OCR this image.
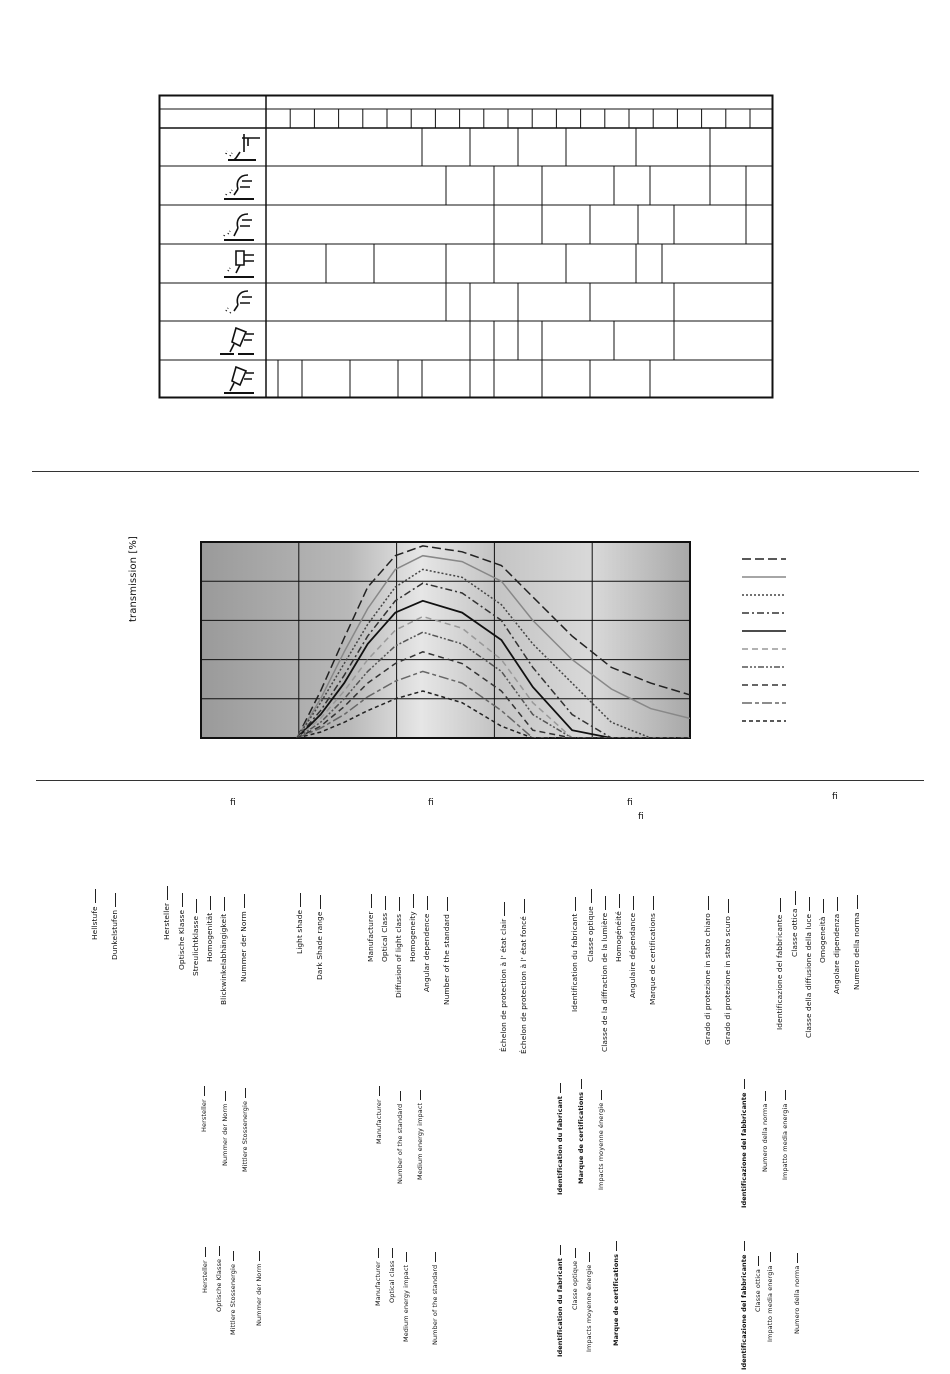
transmission [%]
fi	fi	fi
fi
fi
Hellstufe Dunkelstufen	Hersteller Optische Klasse Streulichtklasse Homogenität Blickwinkelabhängigkeit Nummer der Norm	Light shade Dark Shade range	Manufacturer Optical Class Diffusion of light class Homogeneity Angular dependence Number of the standard	Échelon de protection à l' état clair Échelon de protection à l' état foncé	Identification du fabricant Classe optique Classe de la diffraction de la lumière Homogénéité Angulaire dépendance Marque de certifications	Grado di protezione in stato chiaro Grado di protezione in stato scuro	Identificazione del fabbricante Classe ottica Classe della diffusione della luce Omogeneità Angolare dipendenza Numero della norma
Hersteller Nummer der Norm Mittlere Stossenergie	Manufacturer Number of the standard Medium energy impact	Identification du fabricant Marque de certifications Impacts moyenne énergie	Identificazione del fabbricante Numero della norma Impatto media energia
Hersteller Optische Klasse Mittlere Stossenergie	Nummer der Norm	Manufacturer Optical class Medium energy impact	Number of the standard	Identification du fabricant Classe optique Impacts moyenne énergie	Marque de certifications	Identificazione del fabbricante Classe ottica Impatto media energia	Numero della norma
